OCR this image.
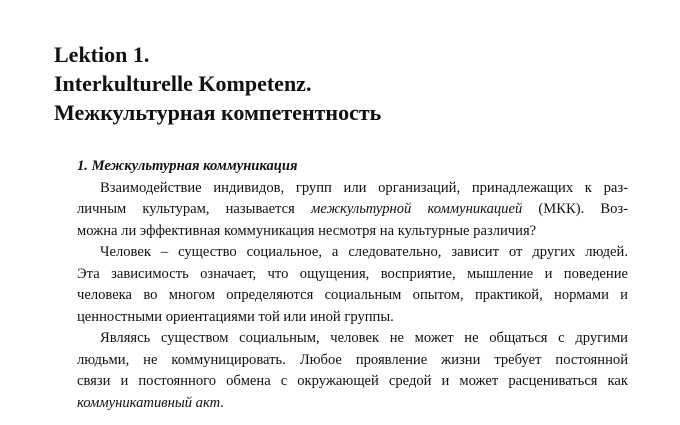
Lektion 1.
Interkulturelle Kompetenz.
Межкультурная компетентность
1. Межкультурная коммуникация
Взаимодействие индивидов, групп или организаций, принадлежащих к раз-
личным культурам, называется межкультурной коммуникацией (МКК). Воз-
можна ли эффективная коммуникация несмотря на культурные различия?
Человек – существо социальное, а следовательно, зависит от других людей.
Эта зависимость означает, что ощущения, восприятие, мышление и поведение
человека во многом определяются социальным опытом, практикой, нормами и
ценностными ориентациями той или иной группы.
Являясь существом социальным, человек не может не общаться с другими
людьми, не коммуницировать. Любое проявление жизни требует постоянной
связи и постоянного обмена с окружающей средой и может расцениваться как
коммуникативный акт.
